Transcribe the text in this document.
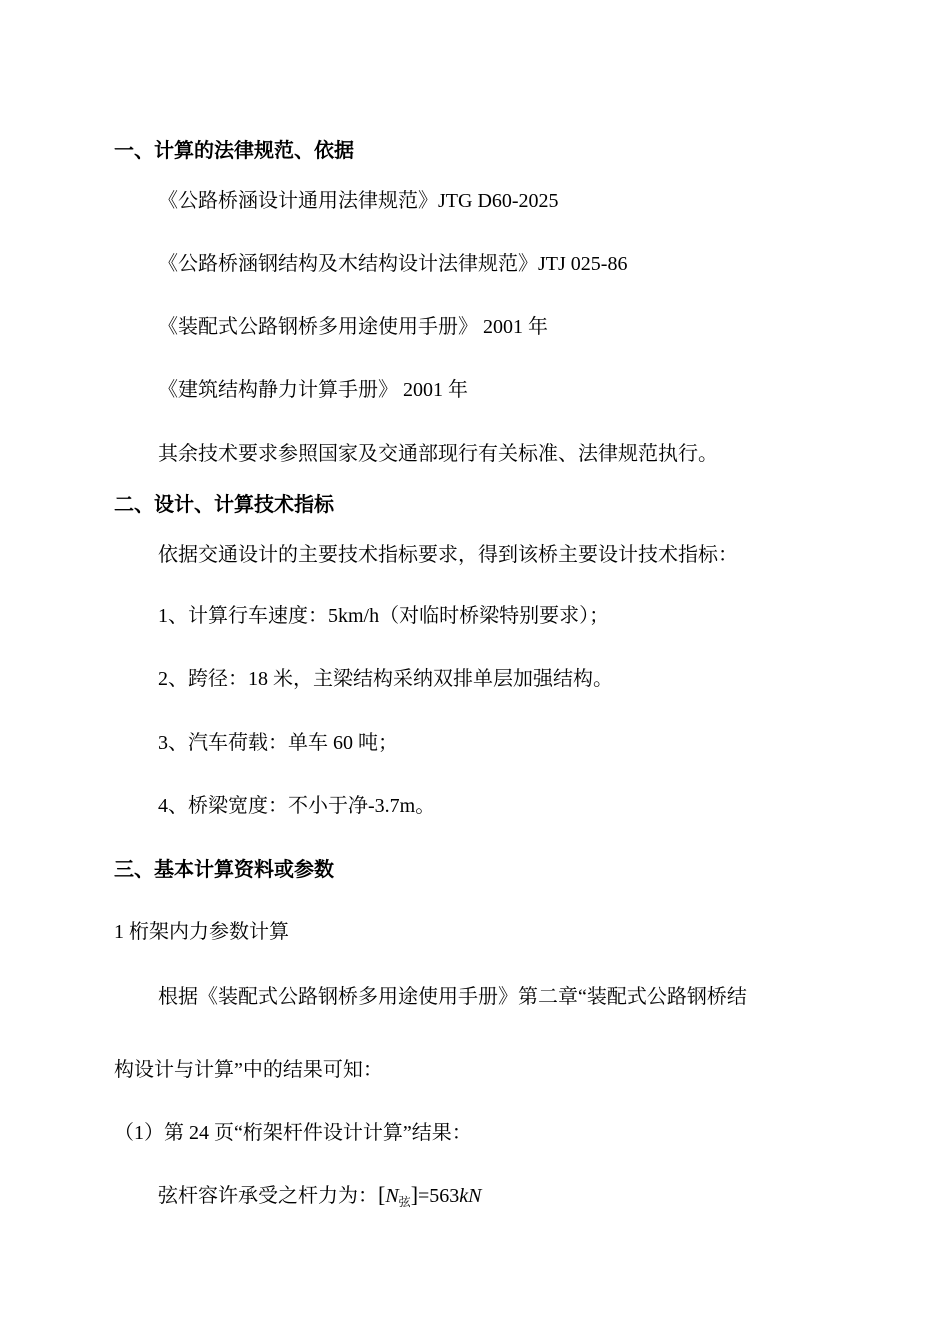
一、计算的法律规范、依据
《公路桥涵设计通用法律规范》JTG D60-2025
《公路桥涵钢结构及木结构设计法律规范》JTJ 025-86
《装配式公路钢桥多用途使用手册》 2001 年
《建筑结构静力计算手册》 2001 年
其余技术要求参照国家及交通部现行有关标准、法律规范执行。
二、设计、计算技术指标
依据交通设计的主要技术指标要求，得到该桥主要设计技术指标：
1、计算行车速度：5km/h（对临时桥梁特别要求）；
2、跨径：18 米，主梁结构采纳双排单层加强结构。
3、汽车荷载：单车 60 吨；
4、桥梁宽度：不小于净-3.7m。
三、基本计算资料或参数
1 桁架内力参数计算
根据《装配式公路钢桥多用途使用手册》第二章“装配式公路钢桥结
构设计与计算”中的结果可知：
（1）第 24 页“桁架杆件设计计算”结果：
弦杆容许承受之杆力为：$[N_弦]=563kN$
